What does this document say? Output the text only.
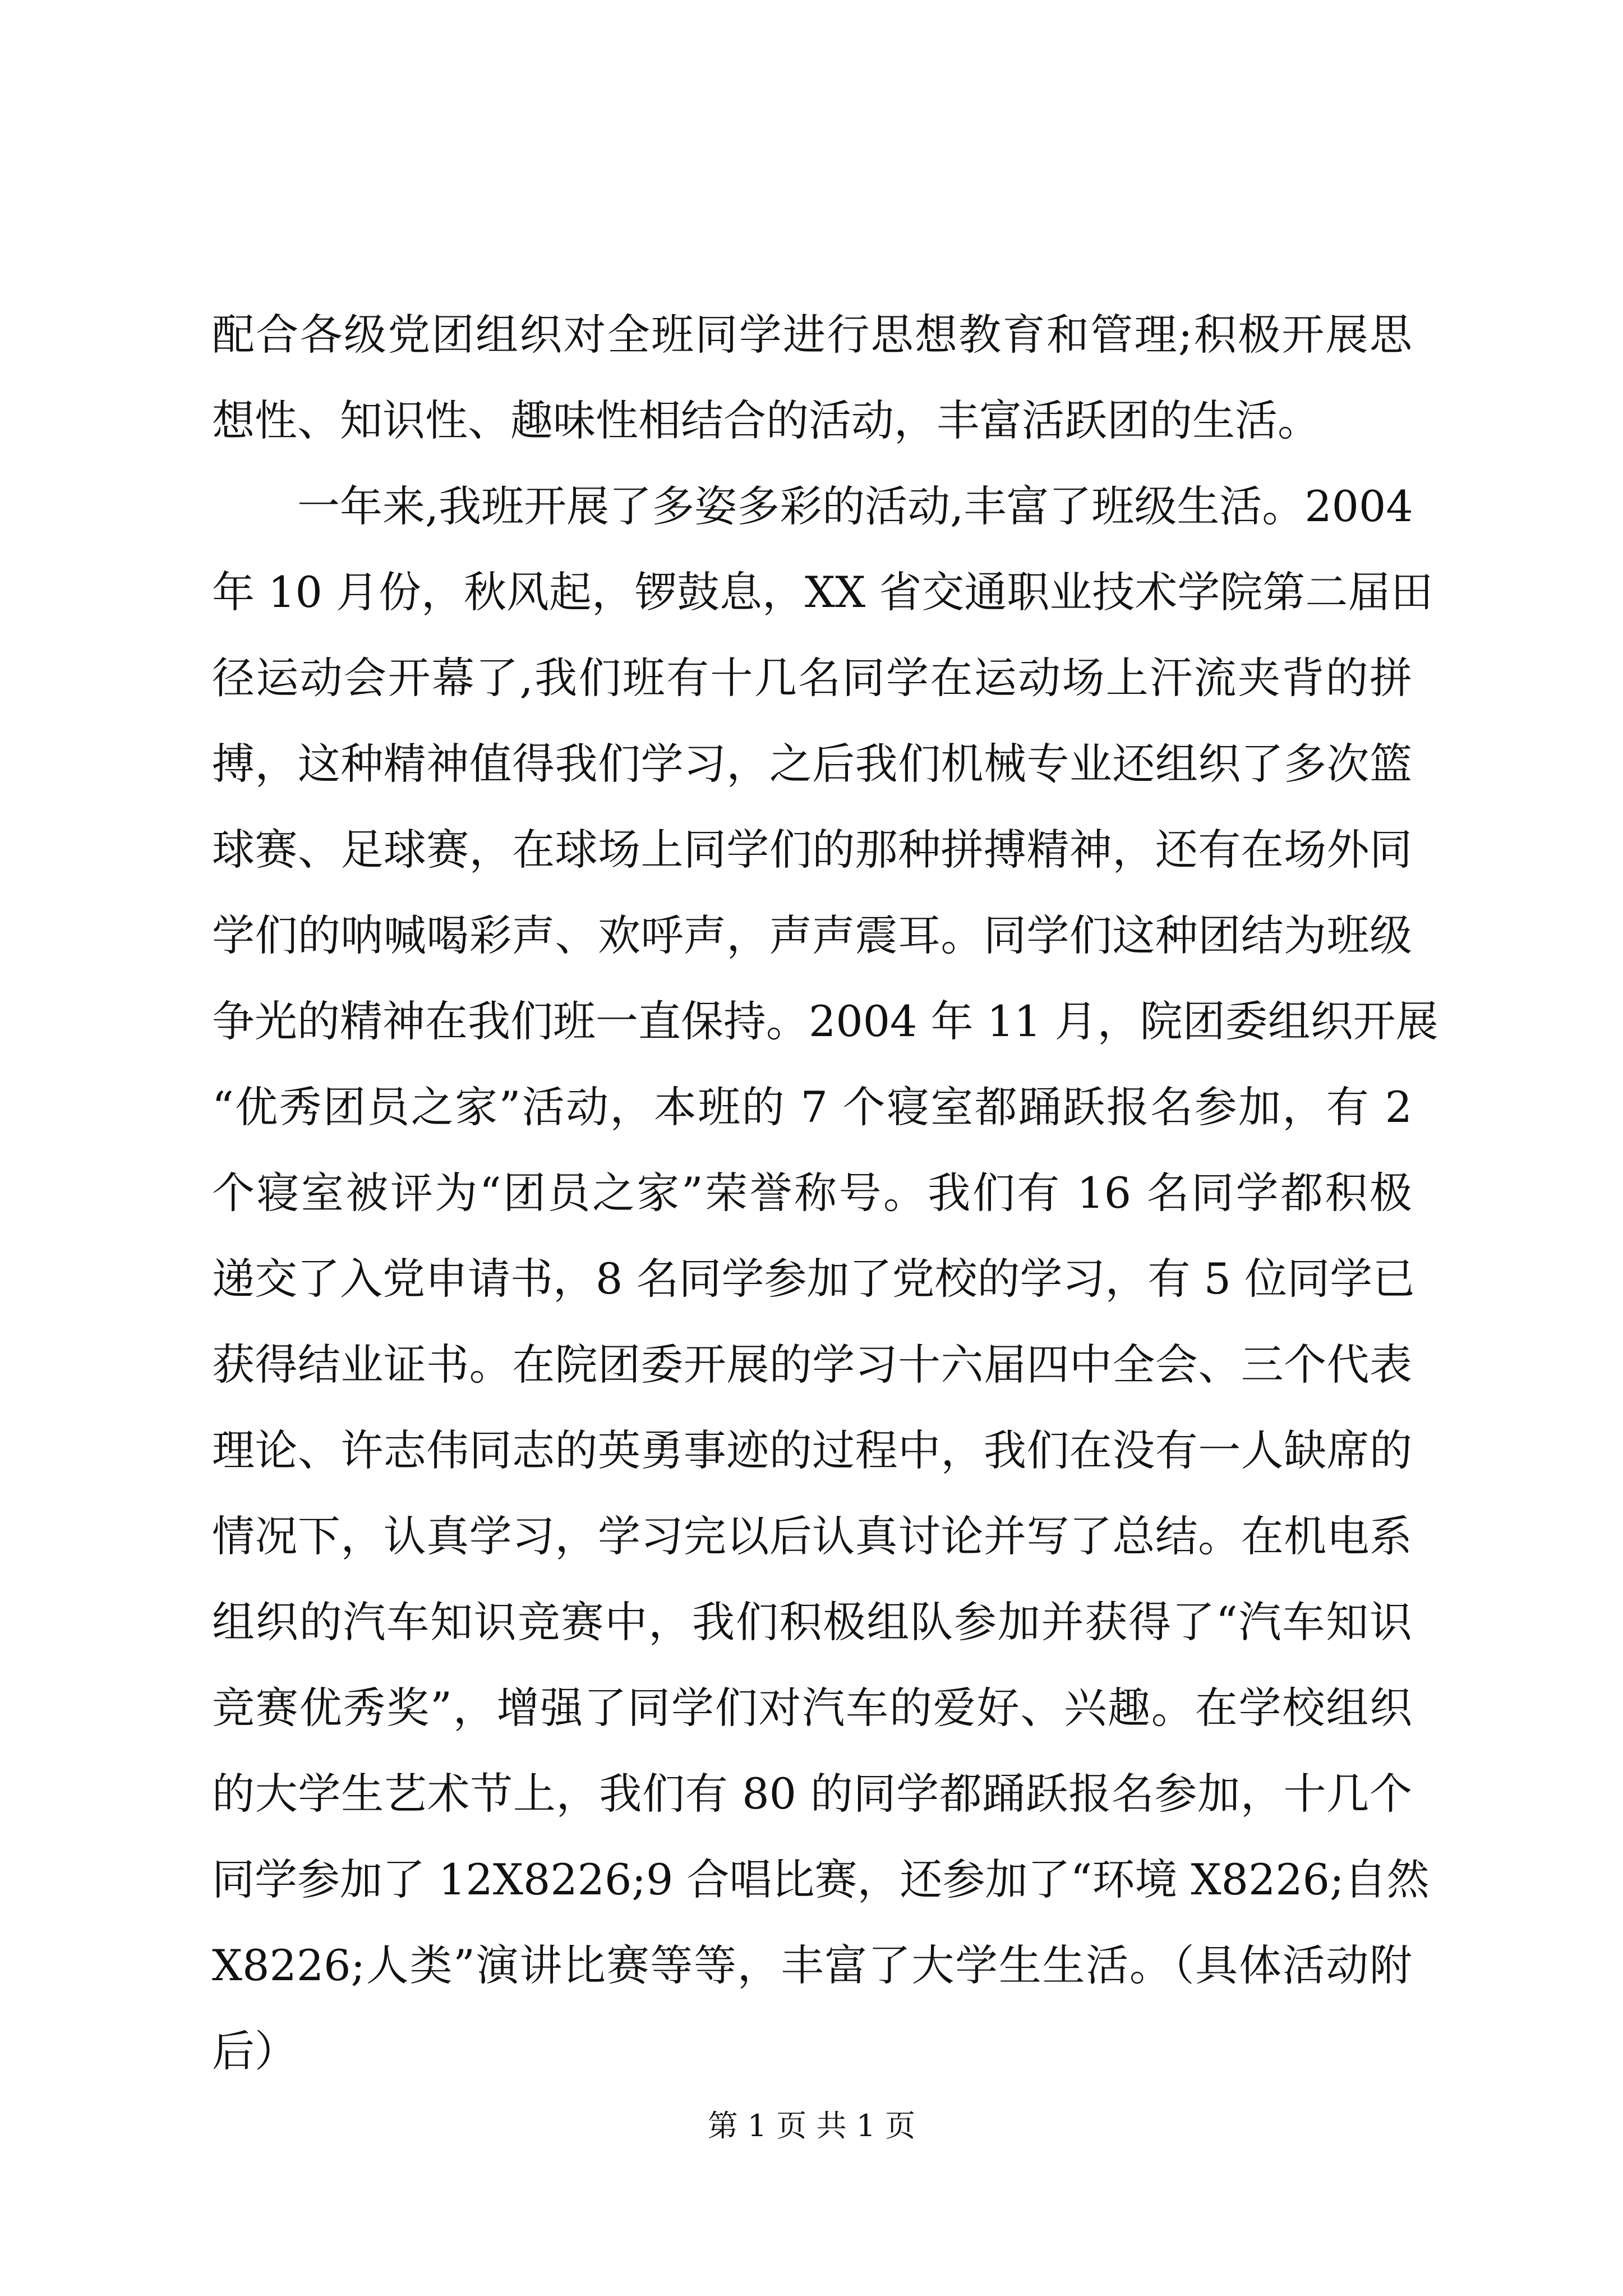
配合各级党团组织对全班同学进行思想教育和管理;积极开展思
想性、知识性、趣味性相结合的活动，丰富活跃团的生活。
　　一年来,我班开展了多姿多彩的活动,丰富了班级生活。2004
年 10 月份，秋风起，锣鼓息，XX 省交通职业技术学院第二届田
径运动会开幕了,我们班有十几名同学在运动场上汗流夹背的拼
搏，这种精神值得我们学习，之后我们机械专业还组织了多次篮
球赛、足球赛，在球场上同学们的那种拼搏精神，还有在场外同
学们的呐喊喝彩声、欢呼声，声声震耳。同学们这种团结为班级
争光的精神在我们班一直保持。2004 年 11 月，院团委组织开展
“优秀团员之家”活动，本班的 7 个寝室都踊跃报名参加，有 2
个寝室被评为“团员之家”荣誉称号。我们有 16 名同学都积极
递交了入党申请书，8 名同学参加了党校的学习，有 5 位同学已
获得结业证书。在院团委开展的学习十六届四中全会、三个代表
理论、许志伟同志的英勇事迹的过程中，我们在没有一人缺席的
情况下，认真学习，学习完以后认真讨论并写了总结。在机电系
组织的汽车知识竞赛中，我们积极组队参加并获得了“汽车知识
竞赛优秀奖”，增强了同学们对汽车的爱好、兴趣。在学校组织
的大学生艺术节上，我们有 80 的同学都踊跃报名参加，十几个
同学参加了 12X8226;9 合唱比赛，还参加了“环境 X8226;自然
X8226;人类”演讲比赛等等，丰富了大学生生活。（具体活动附
后）
第 1 页 共 1 页
